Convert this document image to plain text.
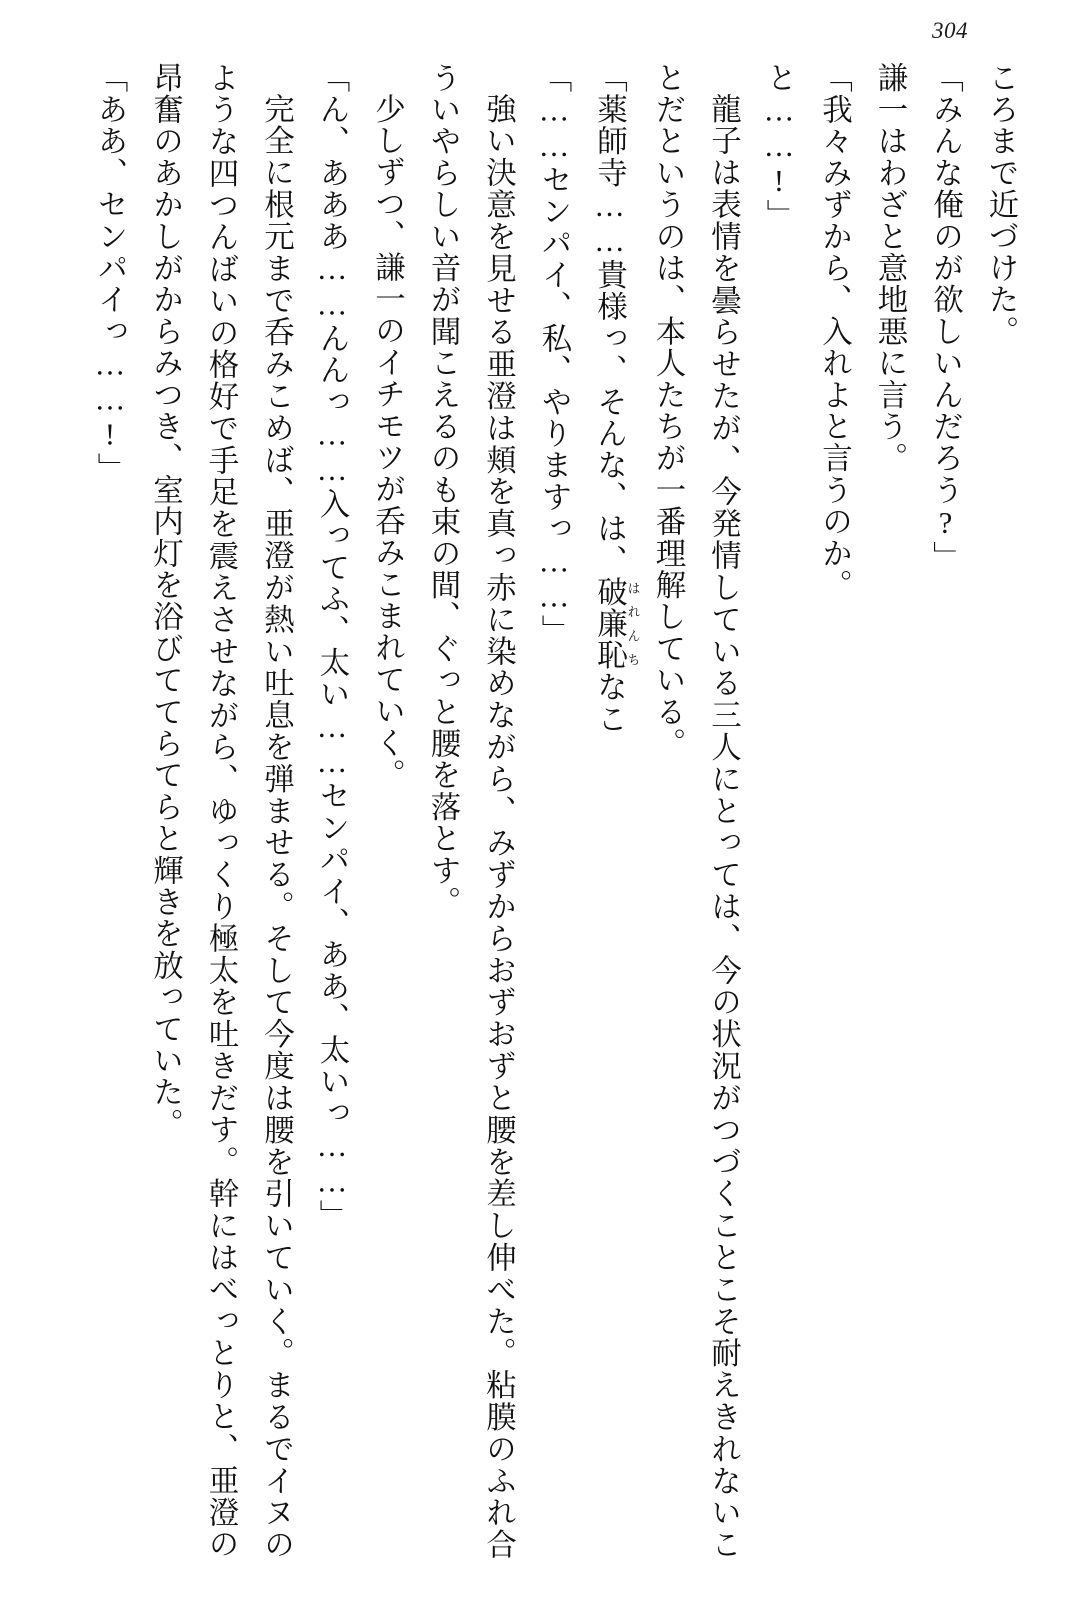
304

ころまで近づけた。

「みんな俺のが欲しいんだろう?」

謙一はわざと意地悪に言う。

「我々みずから、入れよと言うのか。

と……!」

龍子は表情を曇らせたが、今発情している三人にとっては、今の状況がつづくことこそ耐えきれないことだというのは、本人たちが一番理解している。

「薬師寺……貴様っ、そんな、は、破廉恥 はれんちなこ

「……センパイ、私、やりますっ……」

強い決意を見せる亜澄は頬を真っ赤に染めながら、みずからおずおずと腰を差し伸べた。粘膜のふれ合ういやらしい音が聞こえるのも束の間、ぐっと腰を落とす。

少しずつ、謙一のイチモツが呑みこまれていく。

「ん、あああ……んんっ……入ってふ、太い……センパイ、ああ、太いっ……」

完全に根元まで呑みこめば、亜澄が熱い吐息を弾ませる。そして今度は腰を引いていく。まるでイヌのような四つんばいの格好で手足を震えさせながら、ゆっくり極太を吐きだす。幹にはべっとりと、亜澄の昂奮のあかしがからみつき、室内灯を浴びててらてらと輝きを放っていた。

「ああ、センパイっ……!」
